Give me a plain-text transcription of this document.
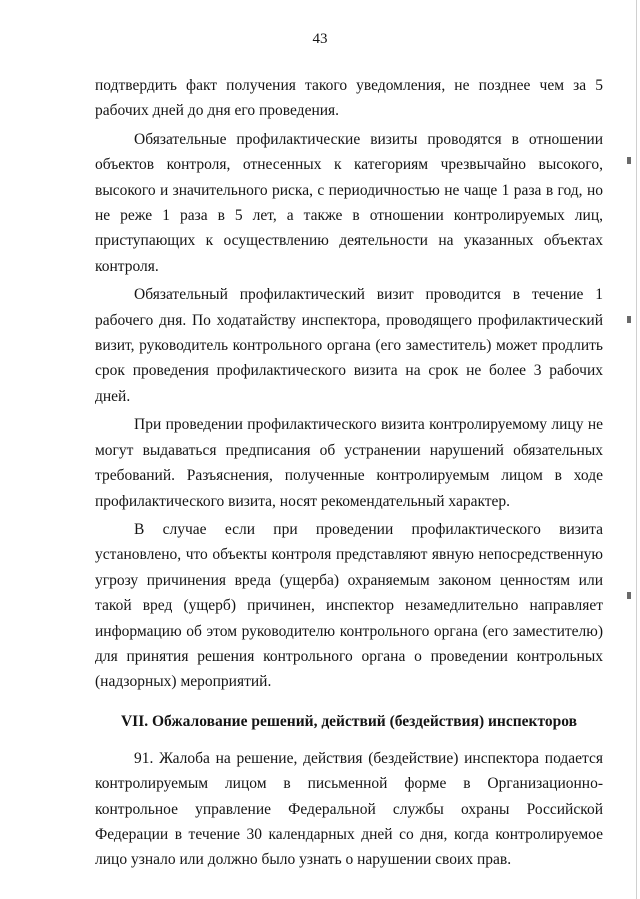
43

подтвердить факт получения такого уведомления, не позднее чем за 5 рабочих дней до дня его проведения.

Обязательные профилактические визиты проводятся в отношении объектов контроля, отнесенных к категориям чрезвычайно высокого, высокого и значительного риска, с периодичностью не чаще 1 раза в год, но не реже 1 раза в 5 лет, а также в отношении контролируемых лиц, приступающих к осуществлению деятельности на указанных объектах контроля.

Обязательный профилактический визит проводится в течение 1 рабочего дня. По ходатайству инспектора, проводящего профилактический визит, руководитель контрольного органа (его заместитель) может продлить срок проведения профилактического визита на срок не более 3 рабочих дней.

При проведении профилактического визита контролируемому лицу не могут выдаваться предписания об устранении нарушений обязательных требований. Разъяснения, полученные контролируемым лицом в ходе профилактического визита, носят рекомендательный характер.

В случае если при проведении профилактического визита установлено, что объекты контроля представляют явную непосредственную угрозу причинения вреда (ущерба) охраняемым законом ценностям или такой вред (ущерб) причинен, инспектор незамедлительно направляет информацию об этом руководителю контрольного органа (его заместителю) для принятия решения контрольного органа о проведении контрольных (надзорных) мероприятий.

VII. Обжалование решений, действий (бездействия) инспекторов

91. Жалоба на решение, действия (бездействие) инспектора подается контролируемым лицом в письменной форме в Организационно-контрольное управление Федеральной службы охраны Российской Федерации в течение 30 календарных дней со дня, когда контролируемое лицо узнало или должно было узнать о нарушении своих прав.
